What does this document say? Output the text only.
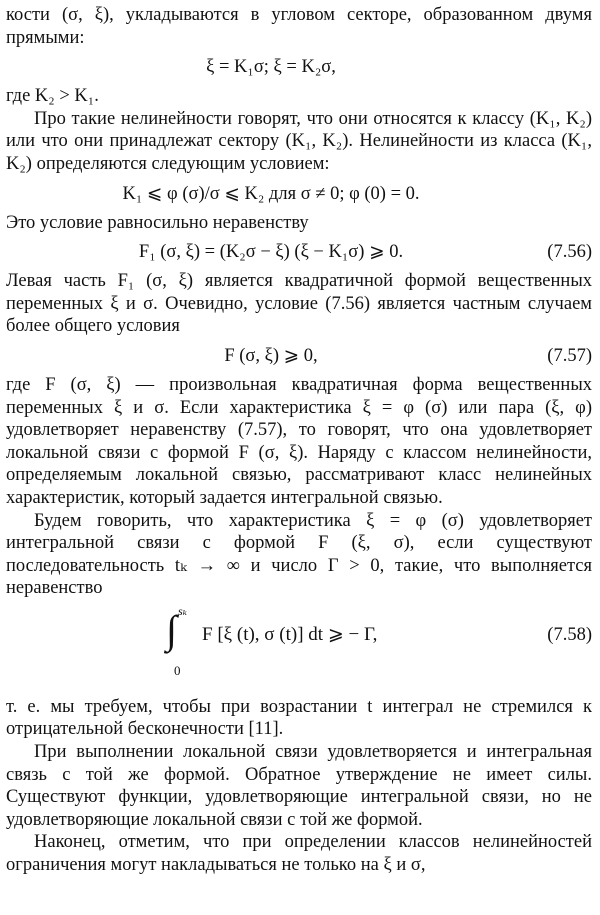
кости (σ, ξ), укладываются в угловом секторе, образованном двумя прямыми:

ξ = K₁σ; ξ = K₂σ,

где K₂ > K₁.

Про такие нелинейности говорят, что они относятся к классу (K₁, K₂) или что они принадлежат сектору (K₁, K₂). Нелинейности из класса (K₁, K₂) определяются следующим условием:

K₁ ⩽ φ (σ)/σ ⩽ K₂ для σ ≠ 0; φ (0) = 0.

Это условие равносильно неравенству

F₁ (σ, ξ) = (K₂σ − ξ) (ξ − K₁σ) ⩾ 0.	(7.56)

Левая часть F₁ (σ, ξ) является квадратичной формой вещественных переменных ξ и σ. Очевидно, условие (7.56) является частным случаем более общего условия

F (σ, ξ) ⩾ 0,	(7.57)

где F (σ, ξ) — произвольная квадратичная форма вещественных переменных ξ и σ. Если характеристика ξ = φ (σ) или пара (ξ, φ) удовлетворяет неравенству (7.57), то говорят, что она удовлетворяет локальной связи с формой F (σ, ξ). Наряду с классом нелинейности, определяемым локальной связью, рассматривают класс нелинейных характеристик, который задается интегральной связью.

Будем говорить, что характеристика ξ = φ (σ) удовлетворяет интегральной связи с формой F (ξ, σ), если существуют последовательность tₖ → ∞ и число Γ > 0, такие, что выполняется неравенство

sₖ
∫
0
F [ξ (t), σ (t)] dt ⩾ − Γ,	(7.58)

т. е. мы требуем, чтобы при возрастании t интеграл не стремился к отрицательной бесконечности [11].

При выполнении локальной связи удовлетворяется и интегральная связь с той же формой. Обратное утверждение не имеет силы. Существуют функции, удовлетворяющие интегральной связи, но не удовлетворяющие локальной связи с той же формой.

Наконец, отметим, что при определении классов нелинейностей ограничения могут накладываться не только на ξ и σ,
